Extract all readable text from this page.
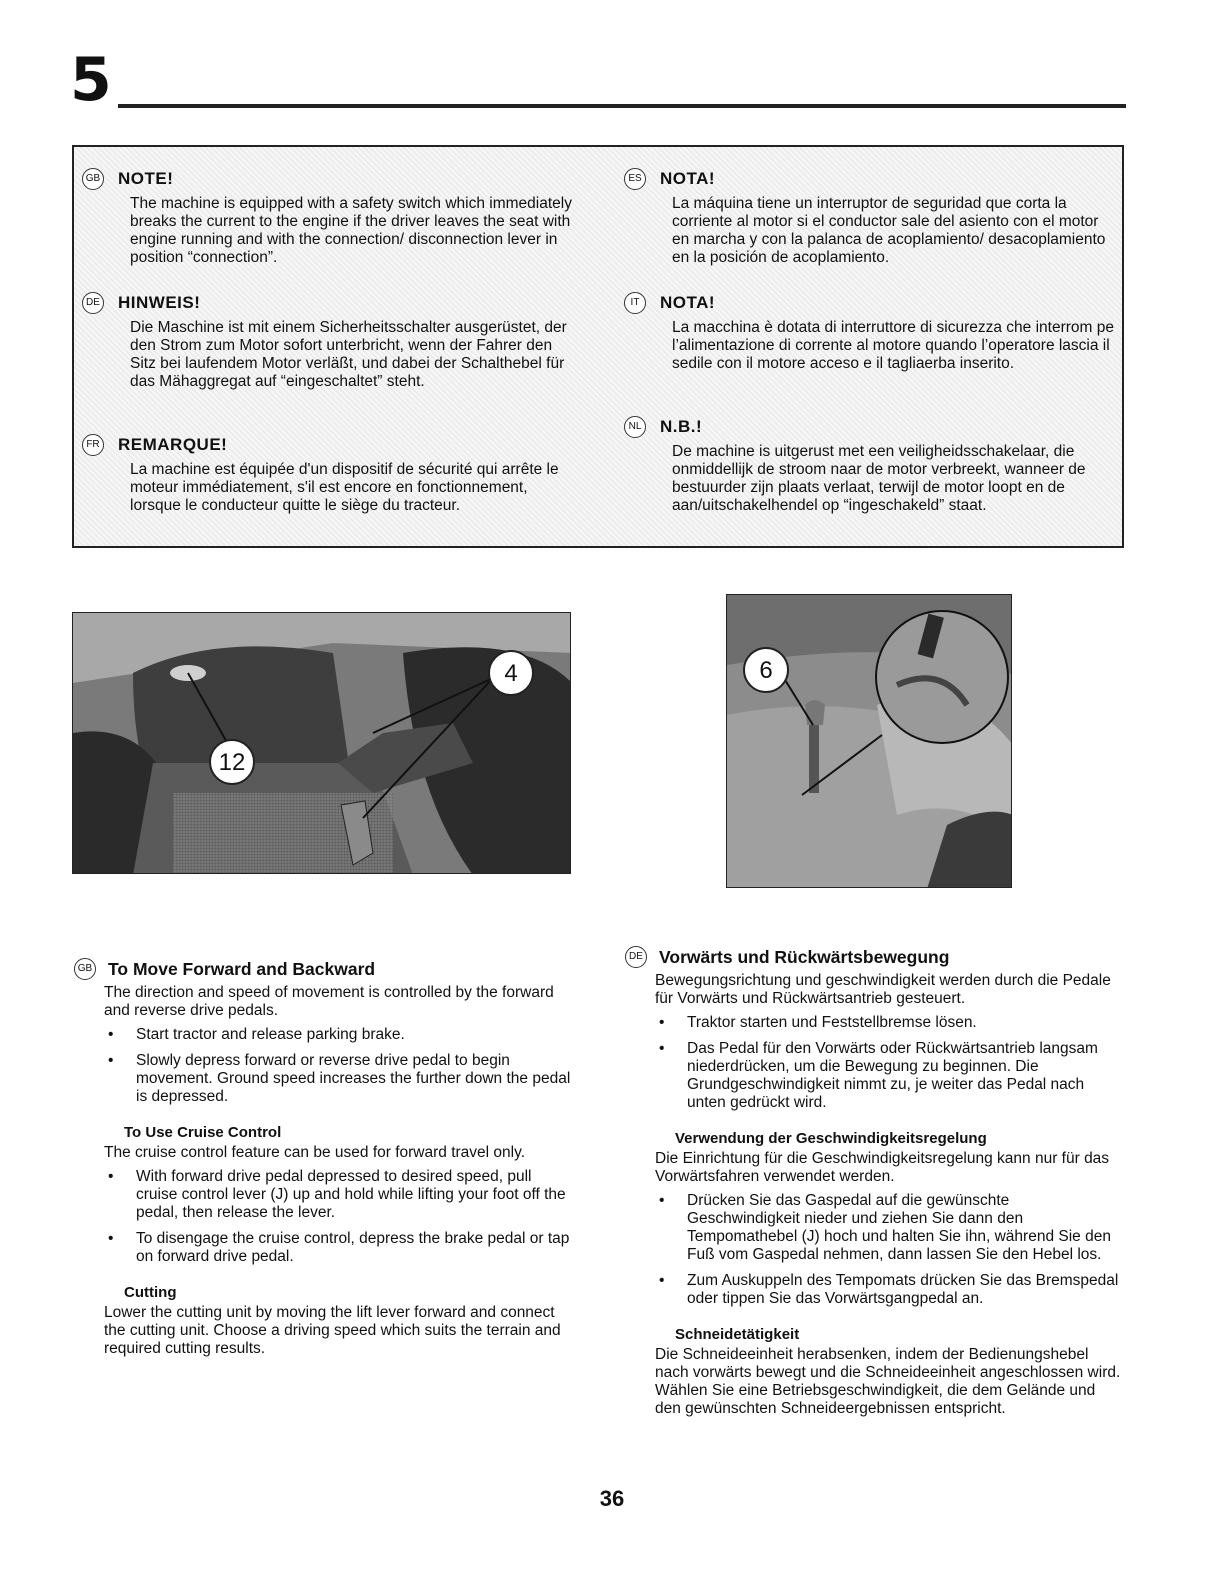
5
GB NOTE!
The machine is equipped with a safety switch which immediately breaks the current to the engine if the driver leaves the seat with engine running and with the connection/ disconnection lever in position “connection”.
DE HINWEIS!
Die Maschine ist mit einem Sicherheitsschalter ausgerüstet, der den Strom zum Motor sofort unterbricht, wenn der Fahrer den Sitz bei laufendem Motor verläßt, und dabei der Schalthebel für das Mähaggregat auf “eingeschaltet” steht.
FR REMARQUE!
La machine est équipée d'un dispositif de sécurité qui arrête le moteur immédiatement, s'il est encore en fonctionnement, lorsque le conducteur quitte le siège du tracteur.
ES NOTA!
La máquina tiene un interruptor de seguridad que corta la corriente al motor si el conductor sale del asiento con el motor en marcha y con la palanca de acoplamiento/ desacoplamiento en la posición de acoplamiento.
IT	NOTA!
La macchina è dotata di interruttore di sicurezza che interrom pe l’alimentazione di corrente al motore quando l’operatore lascia il sedile con il motore acceso e il tagliaerba inserito.
NL N.B.!
De machine is uitgerust met een veiligheidsschakelaar, die onmiddellijk de stroom naar de motor verbreekt, wanneer de bestuurder zijn plaats verlaat, terwijl de motor loopt en de aan/uitschakelhendel op “ingeschakeld” staat.
4
12
6
GB To Move Forward and Backward

The direction and speed of movement is controlled by the forward and reverse drive pedals.

• Start tractor and release parking brake.
• Slowly depress forward or reverse drive pedal to begin movement. Ground speed increases the further down the pedal is depressed.
To Use Cruise Control

The cruise control feature can be used for forward travel only.

• With forward drive pedal depressed to desired speed, pull cruise control lever (J) up and hold while lifting your foot off the pedal, then release the lever.
• To disengage the cruise control, depress the brake pedal or tap on forward drive pedal.
Cutting

Lower the cutting unit by moving the lift lever forward and connect the cutting unit. Choose a driving speed which suits the terrain and required cutting results.

DE Vorwärts und Rückwärtsbewegung

Bewegungsrichtung und geschwindigkeit werden durch die Pedale für Vorwärts und Rückwärtsantrieb gesteuert.

• Traktor starten und Feststellbremse lösen.
• Das Pedal für den Vorwärts oder Rückwärtsantrieb langsam niederdrücken, um die Bewegung zu beginnen. Die Grundgeschwindigkeit nimmt zu, je weiter das Pedal nach unten gedrückt wird.
Verwendung der Geschwindigkeitsregelung

Die Einrichtung für die Geschwindigkeitsregelung kann nur für das Vorwärtsfahren verwendet werden.

• Drücken Sie das Gaspedal auf die gewünschte Geschwindigkeit nieder und ziehen Sie dann den Tempomathebel (J) hoch und halten Sie ihn, während Sie den Fuß vom Gaspedal nehmen, dann lassen Sie den Hebel los.
• Zum Auskuppeln des Tempomats drücken Sie das Bremspedal oder tippen Sie das Vorwärtsgangpedal an.
Schneidetätigkeit

Die Schneideeinheit herabsenken, indem der Bedienungshebel nach vorwärts bewegt und die Schneideeinheit angeschlossen wird. Wählen Sie eine Betriebsgeschwindigkeit, die dem Gelände und den gewünschten Schneideergebnissen entspricht.

36
